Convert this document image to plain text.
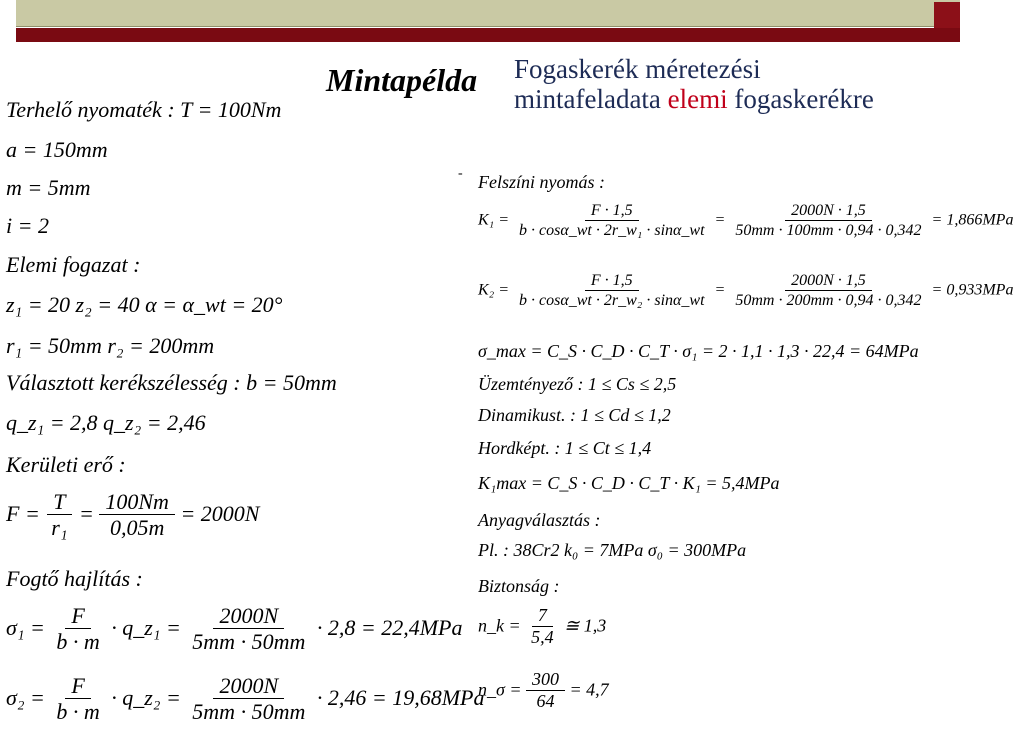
Mintapélda Fogaskerék méretezési
mintafeladata elemi fogaskerékre
Terhelő nyomaték : T = 100Nm
a = 150mm
m = 5mm
i = 2
Elemi fogazat :
z₁ = 20 z₂ = 40 α = α_wt = 20°
r₁ = 50mm r₂ = 200mm
Választott kerékszélesség : b = 50mm
q_z₁ = 2,8 q_z₂ = 2,46
Kerületi erő :
$F = \frac{T}{\text{r₁}} = \frac{100Nm}{0,05m} = 2000N$
Fogtő hajlítás :
$\sigma_1 = \frac{F}{b \cdot m}$ · q_z₁ = $\frac{2000N}{5mm \cdot 50mm} \cdot 2,8 = 22,4MPa$
$\sigma_2 = \frac{F}{b \cdot m}$ · q_z₂ = $\frac{2000N}{5mm \cdot 50mm} \cdot 2,46 = 19,68MPa$
- Felszíni nyomás :
$K_1 = \frac{F \cdot 1,5}{\text{b · cosα\_wt · 2r\_w₁ · sinα\_wt}} = \frac{2000N \cdot 1,5}{50mm \cdot 100mm \cdot 0,94 \cdot 0,342} = 1,866MPa$
$K_2 = \frac{F \cdot 1,5}{\text{b · cosα\_wt · 2r\_w₂ · sinα\_wt}} = \frac{2000N \cdot 1,5}{50mm \cdot 200mm \cdot 0,94 \cdot 0,342} = 0,933MPa$
σ_max = C_S · C_D · C_T · σ₁ = 2 · 1,1 · 1,3 · 22,4 = 64MPa
Üzemtényező : 1 ≤ Cs ≤ 2,5
Dinamikust. : 1 ≤ Cd ≤ 1,2
Hordképt. : 1 ≤ Ct ≤ 1,4
K₁max = C_S · C_D · C_T · K₁ = 5,4MPa
Anyagválasztás :
Pl. : 38Cr2 k₀ = 7MPa σ₀ = 300MPa
Biztonság :
n_k = $\frac{7}{5,4}$ ≅ 1,3
n_σ = $\frac{300}{64} = 4,7$
